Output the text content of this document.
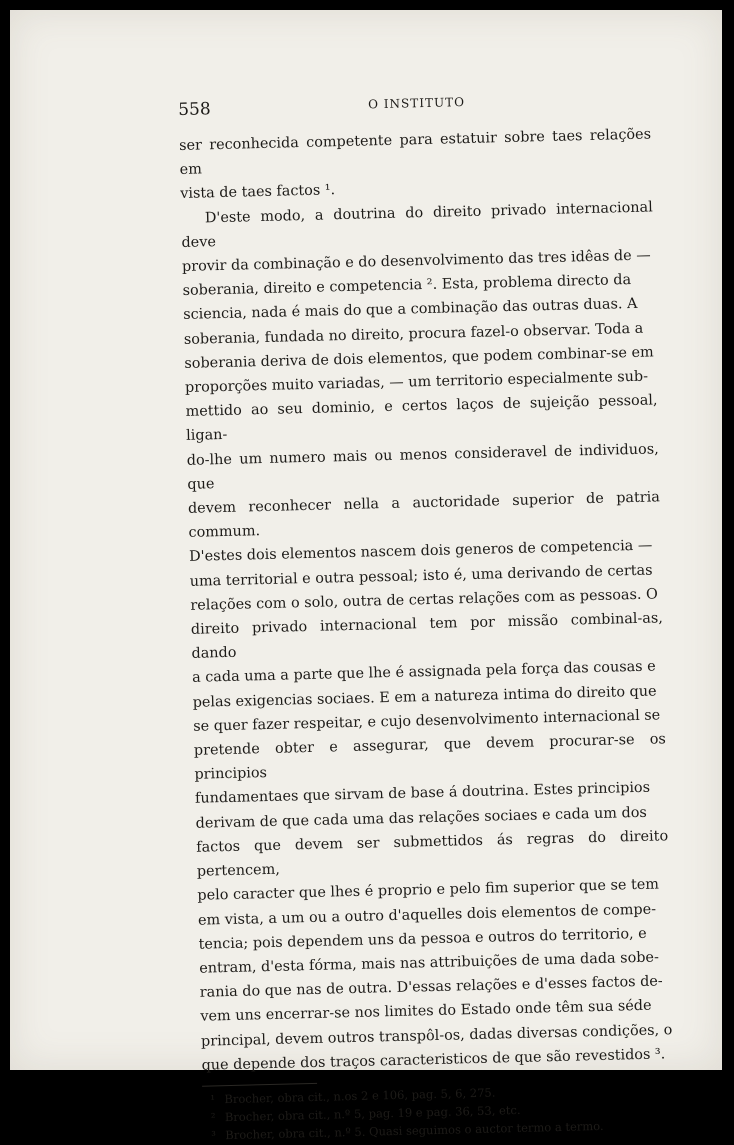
558	O INSTITUTO

ser reconhecida competente para estatuir sobre taes relações em

vista de taes factos ¹.

D'este modo, a doutrina do direito privado internacional deve

provir da combinação e do desenvolvimento das tres idêas de —

soberania, direito e competencia ². Esta, problema directo da

sciencia, nada é mais do que a combinação das outras duas. A

soberania, fundada no direito, procura fazel-o observar. Toda a

soberania deriva de dois elementos, que podem combinar-se em

proporções muito variadas, — um territorio especialmente sub-

mettido ao seu dominio, e certos laços de sujeição pessoal, ligan-

do-lhe um numero mais ou menos consideravel de individuos, que

devem reconhecer nella a auctoridade superior de patria commum.

D'estes dois elementos nascem dois generos de competencia —

uma territorial e outra pessoal; isto é, uma derivando de certas

relações com o solo, outra de certas relações com as pessoas. O

direito privado internacional tem por missão combinal-as, dando

a cada uma a parte que lhe é assignada pela força das cousas e

pelas exigencias sociaes. E em a natureza intima do direito que

se quer fazer respeitar, e cujo desenvolvimento internacional se

pretende obter e assegurar, que devem procurar-se os principios

fundamentaes que sirvam de base á doutrina. Estes principios

derivam de que cada uma das relações sociaes e cada um dos

factos que devem ser submettidos ás regras do direito pertencem,

pelo caracter que lhes é proprio e pelo fim superior que se tem

em vista, a um ou a outro d'aquelles dois elementos de compe-

tencia; pois dependem uns da pessoa e outros do territorio, e

entram, d'esta fórma, mais nas attribuições de uma dada sobe-

rania do que nas de outra. D'essas relações e d'esses factos de-

vem uns encerrar-se nos limites do Estado onde têm sua séde

principal, devem outros transpôl-os, dadas diversas condições, o

que depende dos traços caracteristicos de que são revestidos ³.

¹ Brocher, obra cit., n.os 2 e 106, pag. 5, 6, 275.

² Brocher, obra cit., n.º 5, pag. 19 e pag. 36, 53, etc.

³ Brocher, obra cit., n.º 5. Quasi seguimos o auctor termo a termo.
